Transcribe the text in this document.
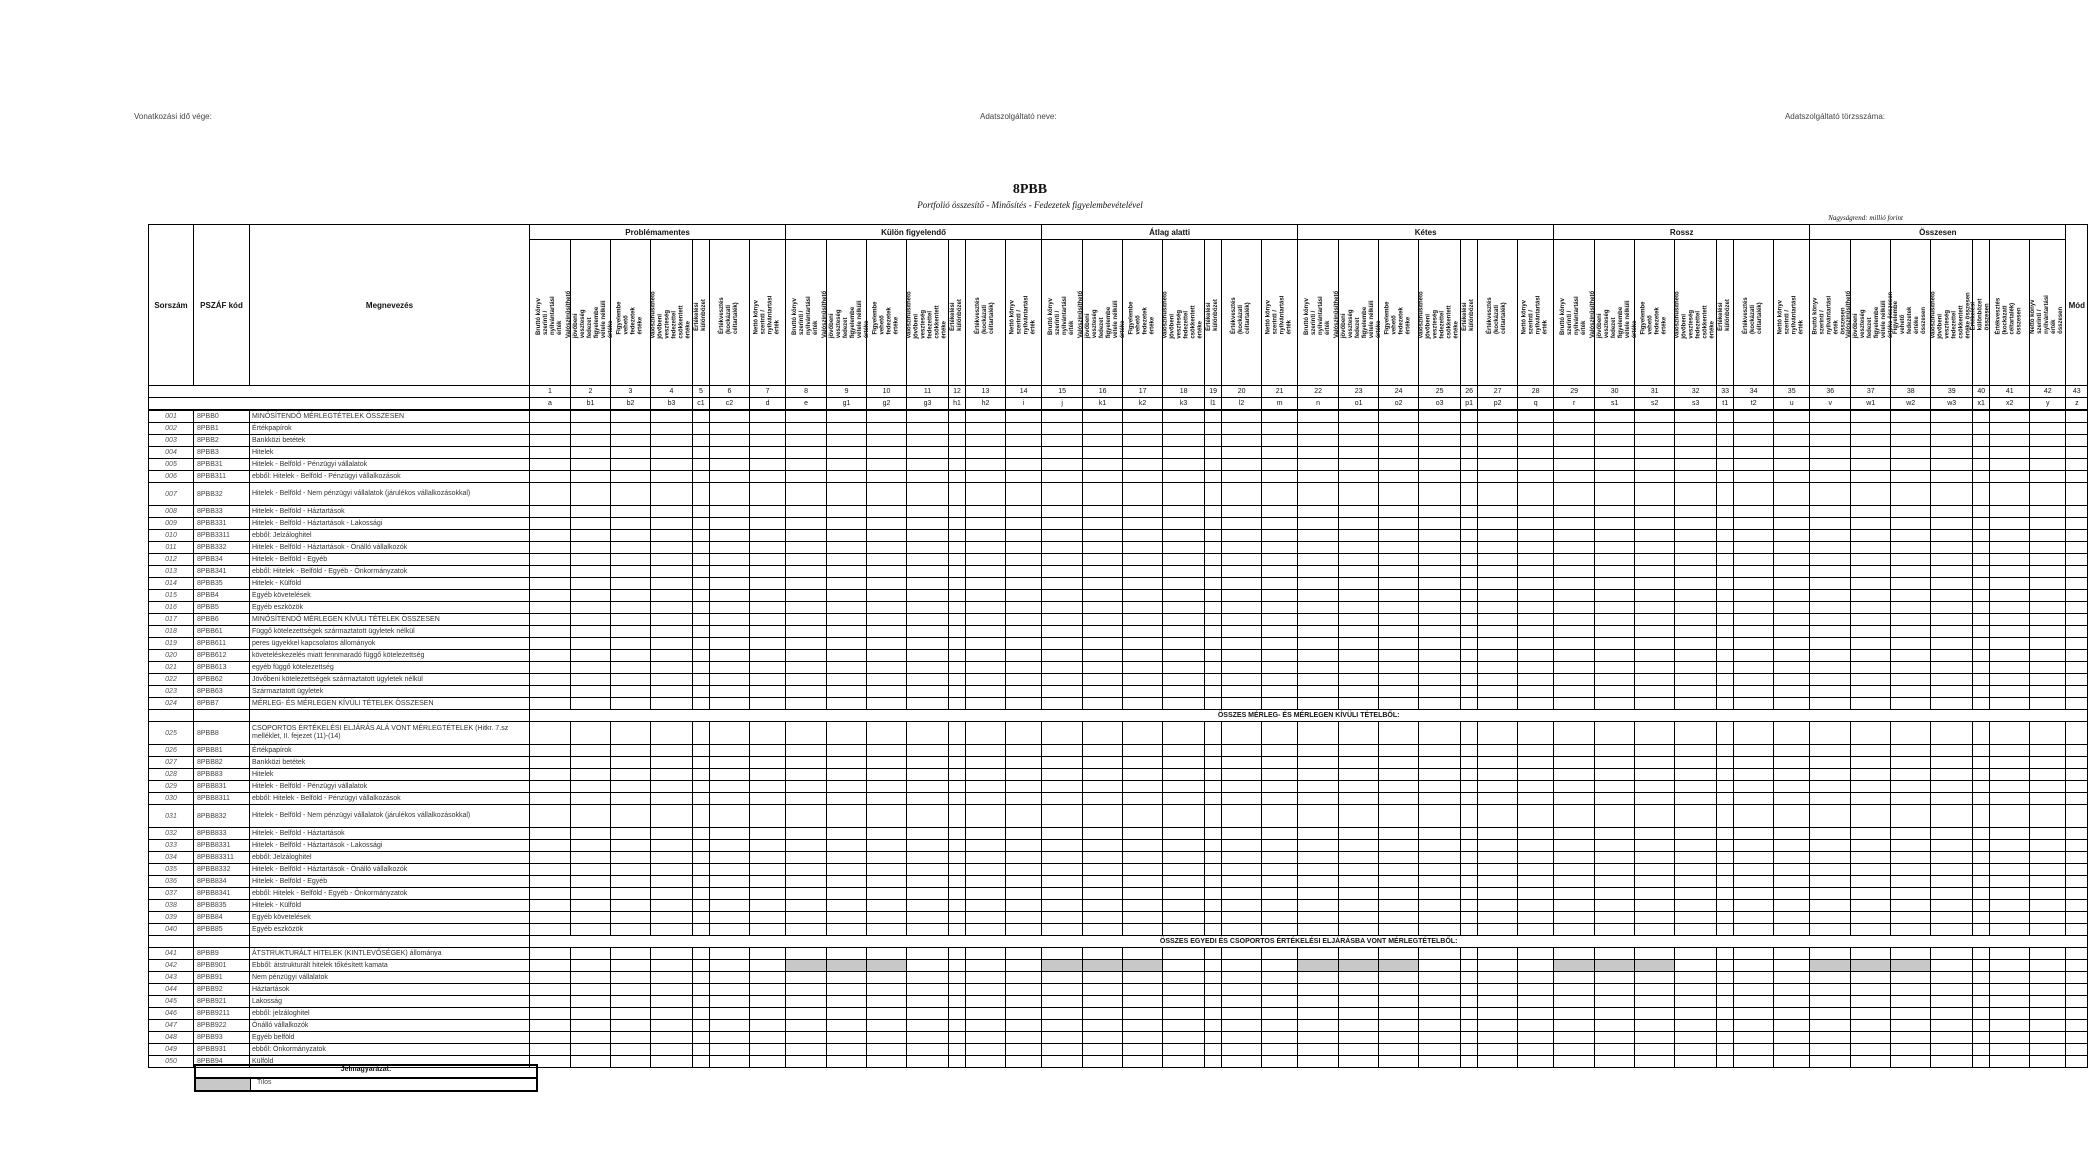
Vonatkozási idő vége:	Adatszolgáltató neve:	Adatszolgáltató törzsszáma:
8PBB
Portfolió összesítő - Minősítés - Fedezetek figyelembevételével
Nagyságrend: millió forint
Sorszám	PSZÁF kód	Megnevezés	Problémamentes							Külön figyelendő							Átlag alatti							Kétes							Rossz							Összesen							Mód

			Bruttó könyv szerinti / nyilvántartási érték	Valószínűsíthető jövőbeni veszteség fedezet figyelembe vétele nélküli értéke	Figyelembe vehető fedezetek értéke	Valószínűsíthető jövőbeni veszteség fedezettel csökkentett értéke	Értékelési különbözet	Értékvesztés (kockázati céltartalék)	Nettó könyv szerinti / nyilvántartási érték	Bruttó könyv szerinti / nyilvántartási érték	Valószínűsíthető jövőbeni veszteség fedezet figyelembe vétele nélküli értéke	Figyelembe vehető fedezetek értéke	Valószínűsíthető jövőbeni veszteség fedezettel csökkentett értéke	Értékelési különbözet	Értékvesztés (kockázati céltartalék)	Nettó könyv szerinti / nyilvántartási érték	Bruttó könyv szerinti / nyilvántartási érték	Valószínűsíthető jövőbeni veszteség fedezet figyelembe vétele nélküli értéke	Figyelembe vehető fedezetek értéke	Valószínűsíthető jövőbeni veszteség fedezettel csökkentett értéke	Értékelési különbözet	Értékvesztés (kockázati céltartalék)	Nettó könyv szerinti / nyilvántartási érték	Bruttó könyv szerinti / nyilvántartási érték	Valószínűsíthető jövőbeni veszteség fedezet figyelembe vétele nélküli értéke	Figyelembe vehető fedezetek értéke	Valószínűsíthető jövőbeni veszteség fedezettel csökkentett értéke	Értékelési különbözet	Értékvesztés (kockázati céltartalék)	Nettó könyv szerinti / nyilvántartási érték	Bruttó könyv szerinti / nyilvántartási érték	Valószínűsíthető jövőbeni veszteség fedezet figyelembe vétele nélküli értéke	Figyelembe vehető fedezetek értéke	Valószínűsíthető jövőbeni veszteség fedezettel csökkentett értéke	Értékelési különbözet	Értékvesztés (kockázati céltartalék)	Nettó könyv szerinti / nyilvántartási érték	Bruttó könyv szerinti / nyilvántartási érték összesen	Valószínűsíthető jövőbeni veszteség fedezet figyelembe vétele nélküli értéke összesen	Figyelembe vehető fedezetek értéke összesen	Valószínűsíthető jövőbeni veszteség fedezettel csökkentett értéke összesen	Értékelési különbözet összesen	Értékvesztés (kockázati céltartalék) összesen	Nettó könyv szerinti / nyilvántartási érték összesen	

			1	2	3	4	5	6	7	8	9	10	11	12	13	14	15	16	17	18	19	20	21	22	23	24	25	26	27	28	29	30	31	32	33	34	35	36	37	38	39	40	41	42	43
			a	b1	b2	b3	c1	c2	d	e	g1	g2	g3	h1	h2	i	j	k1	k2	k3	l1	l2	m	n	o1	o2	o3	p1	p2	q	r	s1	s2	s3	t1	t2	u	v	w1	w2	w3	x1	x2	y	z
001	8PBB0	MINŐSÍTENDŐ MÉRLEGTÉTELEK ÖSSZESEN																																											
002	8PBB1	Értékpapírok																																											
003	8PBB2	Bankközi betétek																																											
004	8PBB3	Hitelek																																											
005	8PBB31	Hitelek - Belföld - Pénzügyi vállalatok																																											
006	8PBB311	ebből: Hitelek - Belföld - Pénzügyi vállalkozások																																											
007	8PBB32	Hitelek - Belföld - Nem pénzügyi vállalatok (járulékos vállalkozásokkal)																																											
008	8PBB33	Hitelek - Belföld - Háztartások																																											
009	8PBB331	Hitelek - Belföld - Háztartások - Lakossági																																											
010	8PBB3311	ebből: Jelzáloghitel																																											
011	8PBB332	Hitelek - Belföld - Háztartások - Önálló vállalkozók																																											
012	8PBB34	Hitelek - Belföld - Egyéb																																											
013	8PBB341	ebből: Hitelek - Belföld - Egyéb - Önkormányzatok																																											
014	8PBB35	Hitelek - Külföld																																											
015	8PBB4	Egyéb követelések																																											
016	8PBB5	Egyéb eszközök																																											
017	8PBB6	MINŐSÍTENDŐ MÉRLEGEN KÍVÜLI TÉTELEK ÖSSZESEN																																											
018	8PBB61	Függő kötelezettségek származtatott ügyletek nélkül																																											
019	8PBB611	peres ügyekkel kapcsolatos állományok																																											
020	8PBB612	követeléskezelés miatt fennmaradó függő kötelezettség																																											
021	8PBB613	egyéb függő kötelezettség																																											
022	8PBB62	Jövőbeni kötelezettségek származtatott ügyletek nélkül																																											
023	8PBB63	Származtatott ügyletek																																											
024	8PBB7	MÉRLEG- ÉS MÉRLEGEN KÍVÜLI TÉTELEK ÖSSZESEN																																											
			ÖSSZES MÉRLEG- ÉS MÉRLEGEN KÍVÜLI TÉTELBŐL:																																										
025	8PBB8	CSOPORTOS ÉRTÉKELÉSI ELJÁRÁS ALÁ VONT MÉRLEGTÉTELEK (Hitkr. 7.sz melléklet, II. fejezet (11)-(14)																																											
026	8PBB81	Értékpapírok																																											
027	8PBB82	Bankközi betétek																																											
028	8PBB83	Hitelek																																											
029	8PBB831	Hitelek - Belföld - Pénzügyi vállalatok																																											
030	8PBB8311	ebből: Hitelek - Belföld - Pénzügyi vállalkozások																																											
031	8PBB832	Hitelek - Belföld - Nem pénzügyi vállalatok (járulékos vállalkozásokkal)																																											
032	8PBB833	Hitelek - Belföld - Háztartások																																											
033	8PBB8331	Hitelek - Belföld - Háztartások - Lakossági																																											
034	8PBB83311	ebből: Jelzáloghitel																																											
035	8PBB8332	Hitelek - Belföld - Háztartások - Önálló vállalkozók																																											
036	8PBB834	Hitelek - Belföld - Egyéb																																											
037	8PBB8341	ebből: Hitelek - Belföld - Egyéb - Önkormányzatok																																											
038	8PBB835	Hitelek - Külföld																																											
039	8PBB84	Egyéb követelések																																											
040	8PBB85	Egyéb eszközök																																											
			ÖSSZES EGYEDI ÉS CSOPORTOS ÉRTÉKELÉSI ELJÁRÁSBA VONT MÉRLEGTÉTELBŐL:																																										
041	8PBB9	ÁTSTRUKTURÁLT HITELEK (KINTLEVŐSÉGEK) állománya																																											
042	8PBB901	Ebből: átstrukturált hitelek tőkésített kamata																																											
043	8PBB91	Nem pénzügyi vállalatok																																											
044	8PBB92	Háztartások																																											
045	8PBB921	Lakosság																																											
046	8PBB9211	ebből: jelzáloghitel																																											
047	8PBB922	Önálló vállalkozók																																											
048	8PBB93	Egyéb belföld																																											
049	8PBB931	ebből: Önkormányzatok																																											
050	8PBB94	Külföld																																											
Jelmagyarázat:
Tilos
